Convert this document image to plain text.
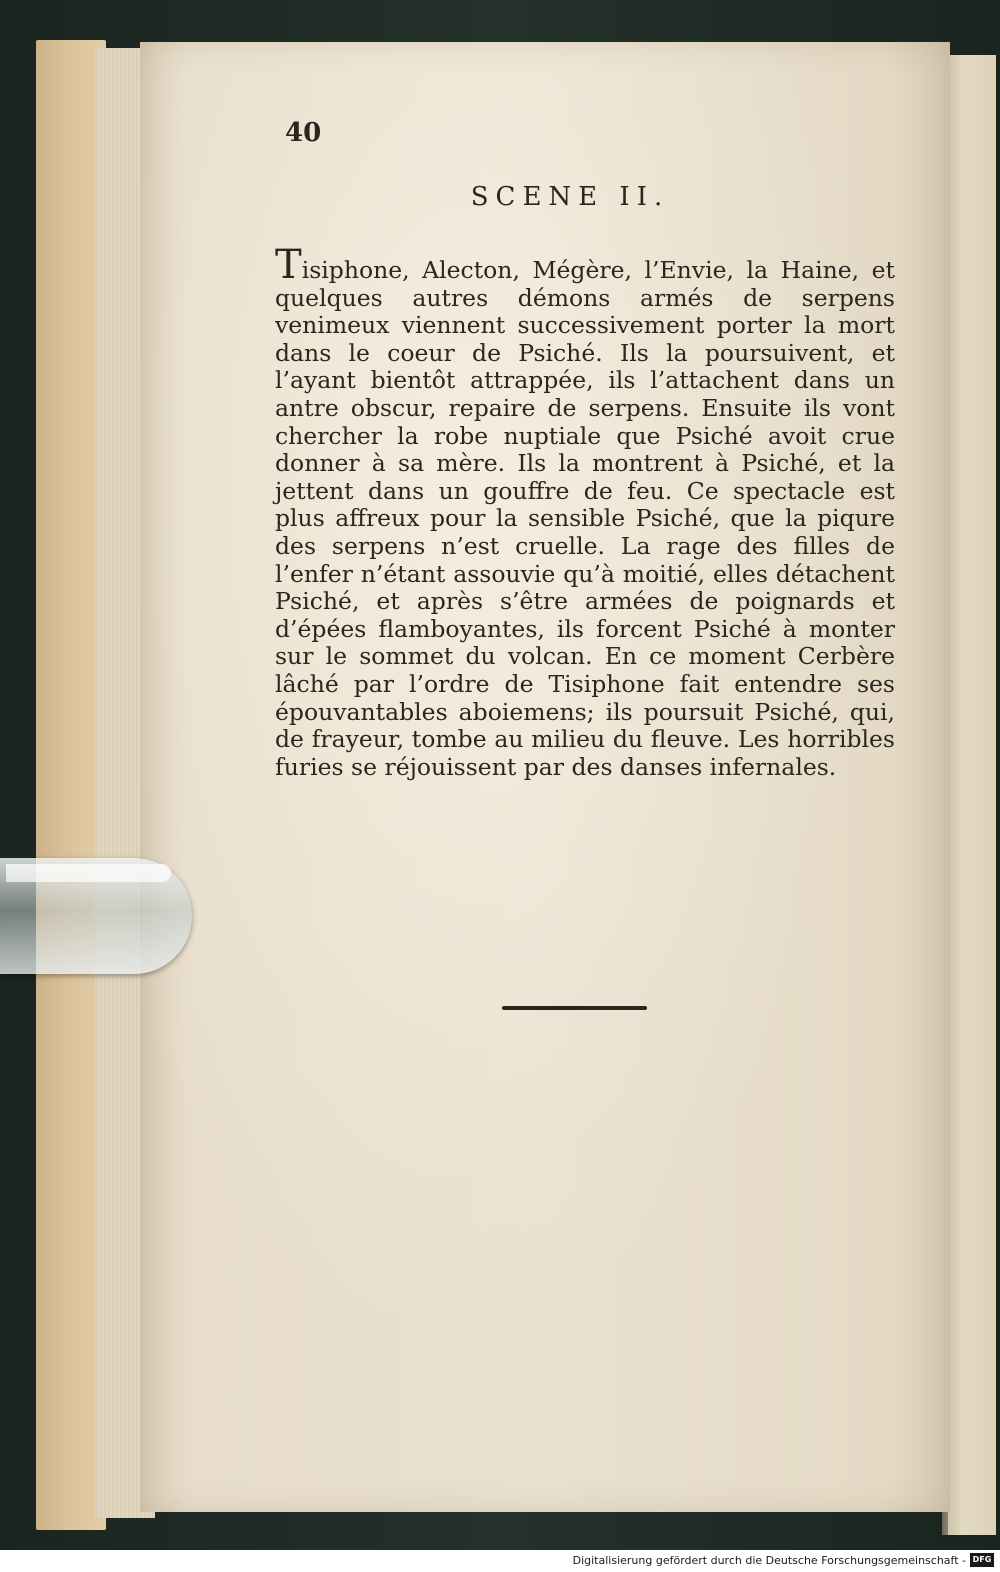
40
SCENE II.
Tisiphone, Alecton, Mégère, l’Envie, la Haine, et quelques autres démons armés de serpens venimeux viennent successivement porter la mort dans le coeur de Psiché. Ils la poursuivent, et l’ayant bientôt attrappée, ils l’attachent dans un antre obscur, repaire de serpens. Ensuite ils vont chercher la robe nuptiale que Psiché avoit crue donner à sa mère. Ils la montrent à Psiché, et la jettent dans un gouffre de feu. Ce spectacle est plus affreux pour la sensible Psiché, que la piqure des serpens n’est cruelle. La rage des filles de l’enfer n’étant assouvie qu’à moitié, elles détachent Psiché, et après s’être armées de poignards et d’épées flamboyantes, ils forcent Psiché à monter sur le sommet du volcan. En ce moment Cerbère lâché par l’ordre de Tisiphone fait entendre ses épouvantables aboiemens; ils poursuit Psiché, qui, de frayeur, tombe au milieu du fleuve. Les horribles furies se réjouissent par des danses infernales.
Digitalisierung gefördert durch die Deutsche Forschungsgemeinschaft - DFG
